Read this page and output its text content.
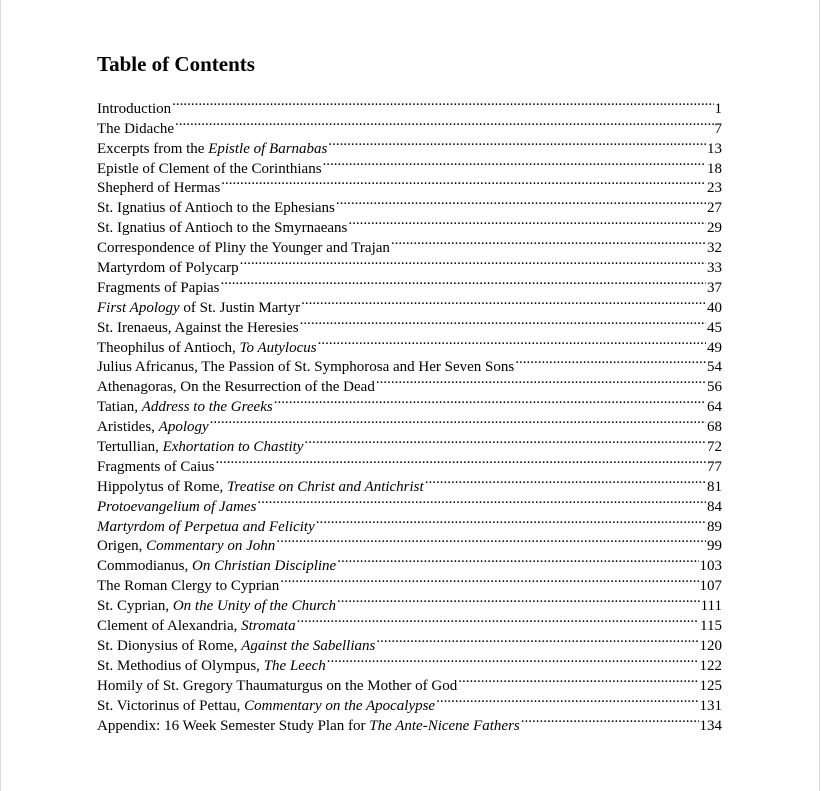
Table of Contents
Introduction .....	1
The Didache .....	7
Excerpts from the Epistle of Barnabas .....	13
Epistle of Clement of the Corinthians .....	18
Shepherd of Hermas .....	23
St. Ignatius of Antioch to the Ephesians .....	27
St. Ignatius of Antioch to the Smyrnaeans .....	29
Correspondence of Pliny the Younger and Trajan .....	32
Martyrdom of Polycarp .....	33
Fragments of Papias .....	37
First Apology of St. Justin Martyr .....	40
St. Irenaeus, Against the Heresies .....	45
Theophilus of Antioch, To Autylocus .....	49
Julius Africanus, The Passion of St. Symphorosa and Her Seven Sons .....	54
Athenagoras, On the Resurrection of the Dead .....	56
Tatian, Address to the Greeks .....	64
Aristides, Apology .....	68
Tertullian, Exhortation to Chastity .....	72
Fragments of Caius .....	77
Hippolytus of Rome, Treatise on Christ and Antichrist .....	81
Protoevangelium of James .....	84
Martyrdom of Perpetua and Felicity .....	89
Origen, Commentary on John .....	99
Commodianus, On Christian Discipline .....	103
The Roman Clergy to Cyprian .....	107
St. Cyprian, On the Unity of the Church .....	111
Clement of Alexandria, Stromata .....	115
St. Dionysius of Rome, Against the Sabellians .....	120
St. Methodius of Olympus, The Leech .....	122
Homily of St. Gregory Thaumaturgus on the Mother of God .....	125
St. Victorinus of Pettau, Commentary on the Apocalypse .....	131
Appendix: 16 Week Semester Study Plan for The Ante-Nicene Fathers .....	134
